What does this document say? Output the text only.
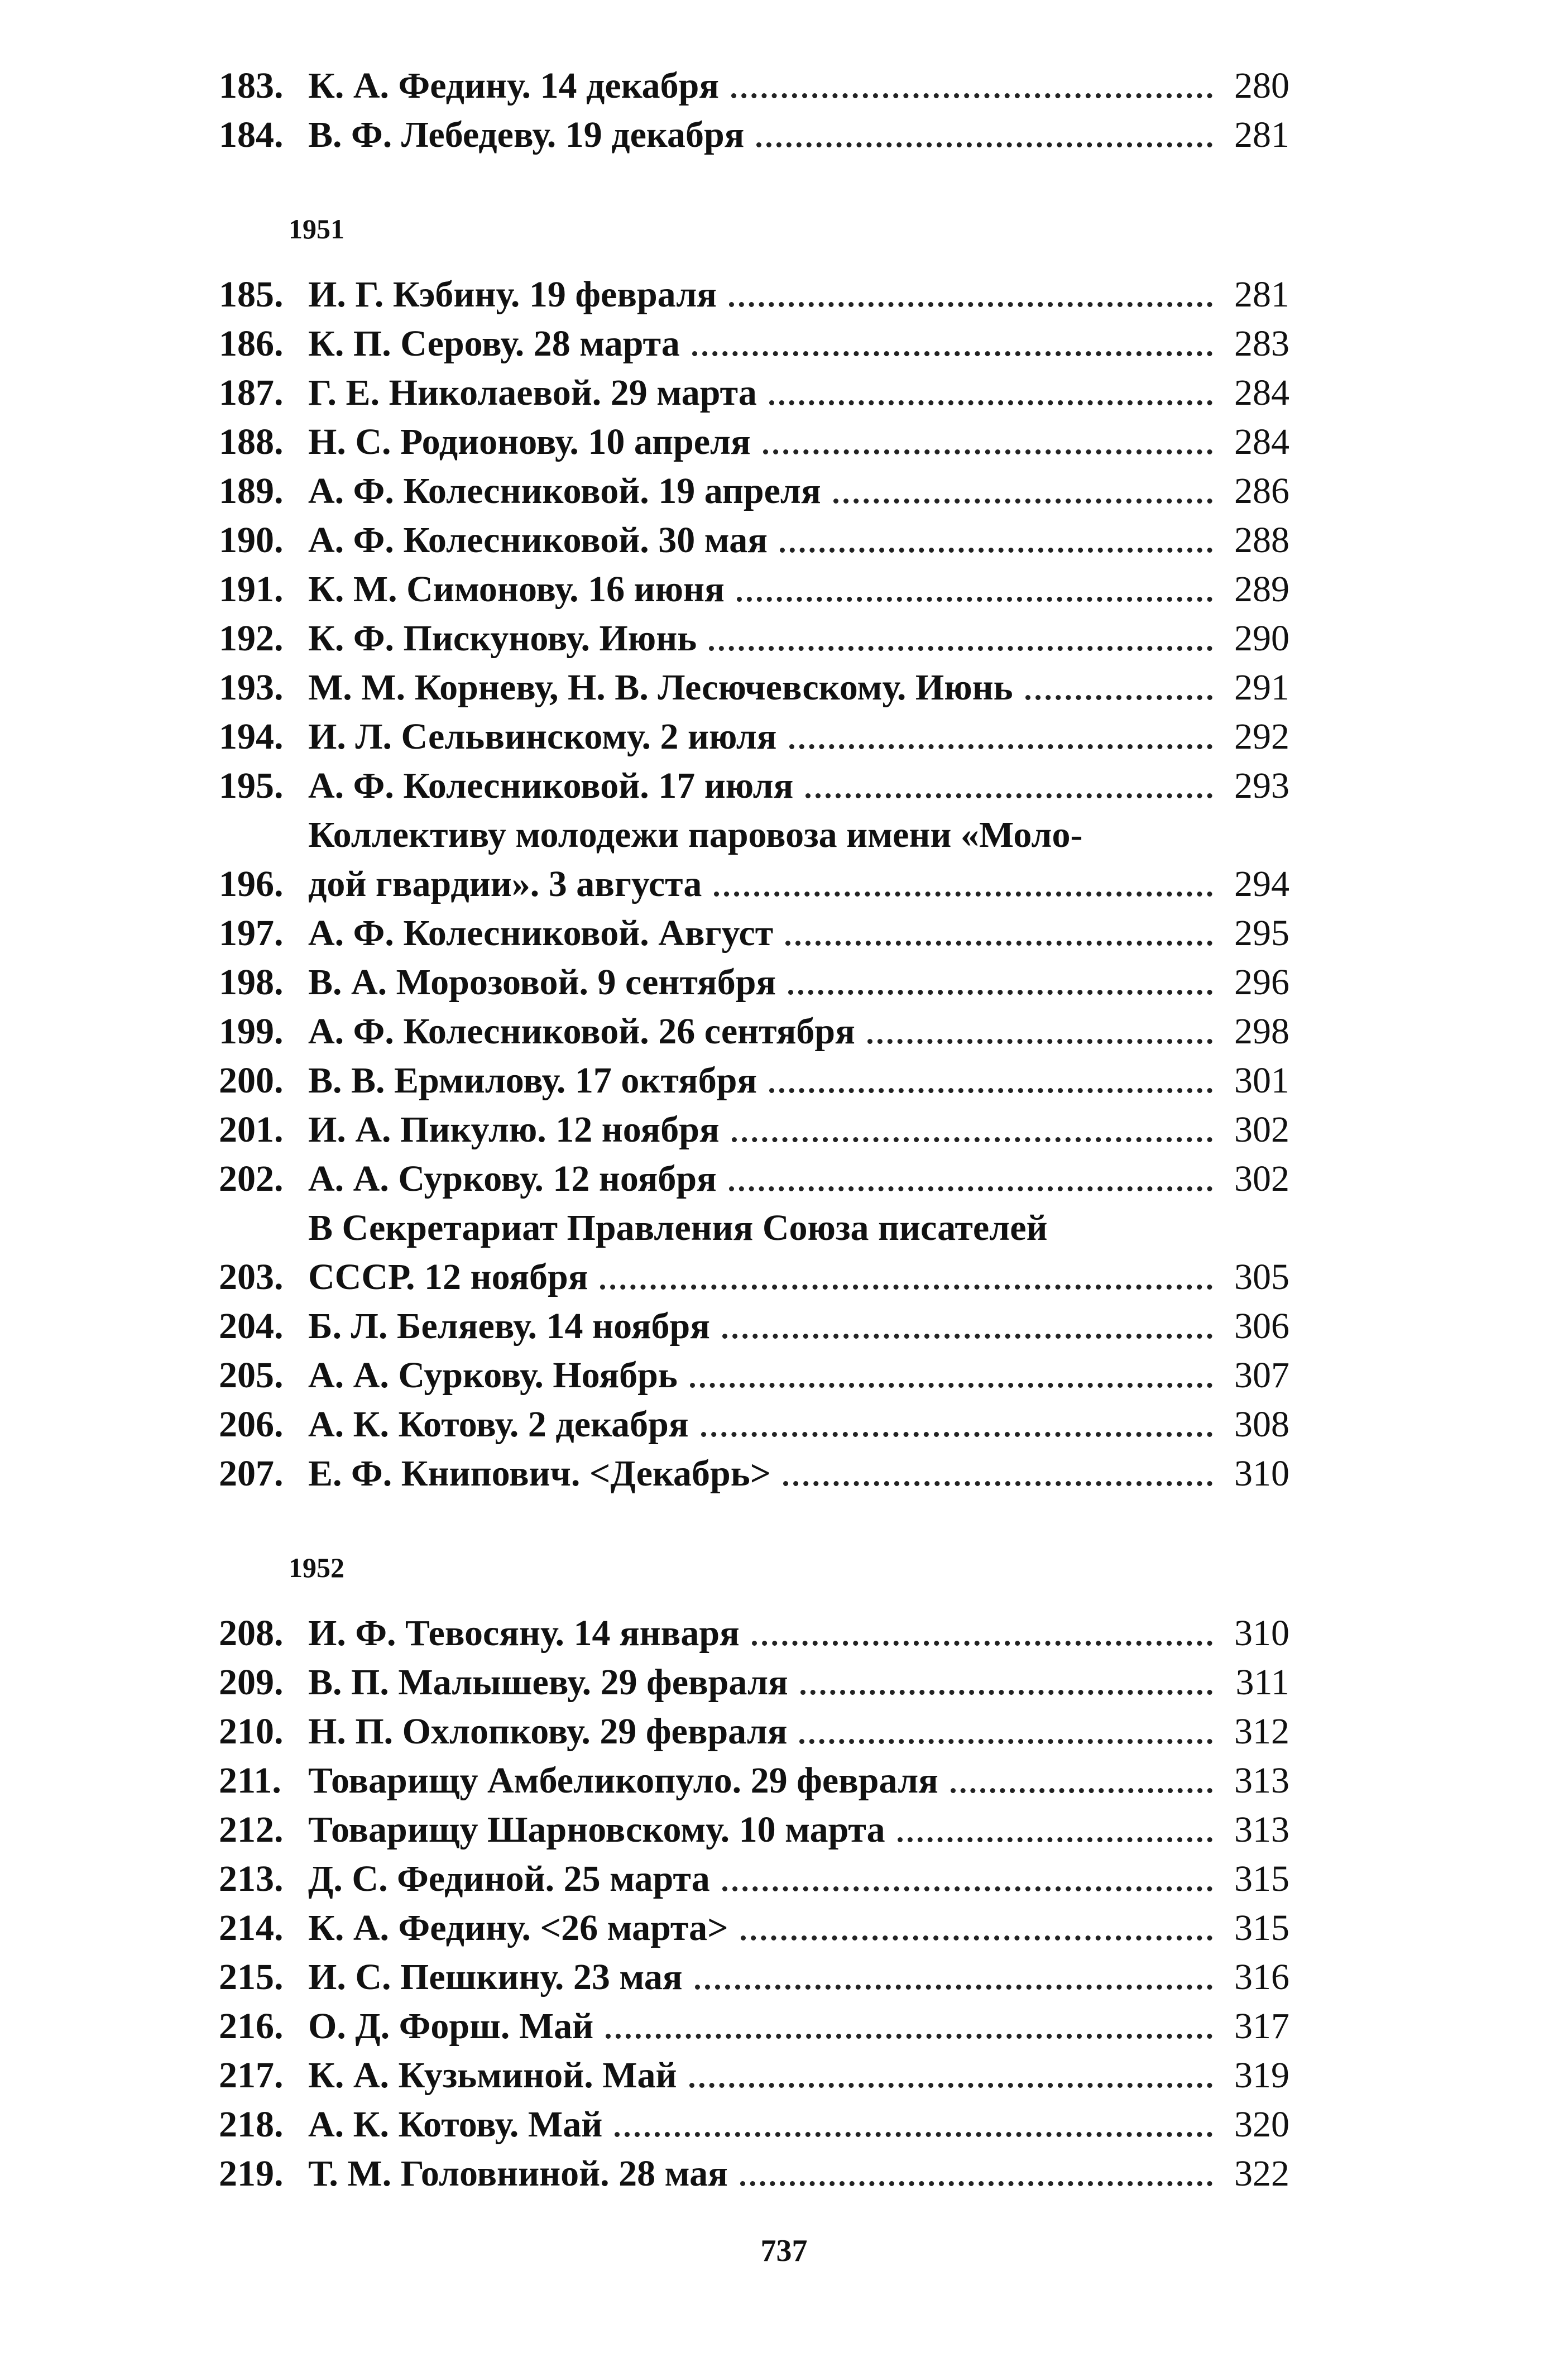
183. К. А. Федину. 14 декабря	280
184. В. Ф. Лебедеву. 19 декабря	281
1951
185. И. Г. Кэбину. 19 февраля	281
186. К. П. Серову. 28 марта	283
187. Г. Е. Николаевой. 29 марта	284
188. Н. С. Родионову. 10 апреля	284
189. А. Ф. Колесниковой. 19 апреля	286
190. А. Ф. Колесниковой. 30 мая	288
191. К. М. Симонову. 16 июня	289
192. К. Ф. Пискунову. Июнь	290
193. М. М. Корневу, Н. В. Лесючевскому. Июнь	291
194. И. Л. Сельвинскому. 2 июля	292
195. А. Ф. Колесниковой. 17 июля	293
196.
Коллективу молодежи паровоза имени «Моло-
дой гвардии». 3 августа	294
197. А. Ф. Колесниковой. Август	295
198. В. А. Морозовой. 9 сентября	296
199. А. Ф. Колесниковой. 26 сентября	298
200. В. В. Ермилову. 17 октября	301
201. И. А. Пикулю. 12 ноября	302
202. А. А. Суркову. 12 ноября	302
203.
В Секретариат Правления Союза писателей
СССР. 12 ноября	305
204. Б. Л. Беляеву. 14 ноября	306
205. А. А. Суркову. Ноябрь	307
206. А. К. Котову. 2 декабря	308
207. Е. Ф. Книпович. <Декабрь>	310
1952
208. И. Ф. Тевосяну. 14 января	310
209. В. П. Малышеву. 29 февраля	311
210. Н. П. Охлопкову. 29 февраля	312
211. Товарищу Амбеликопуло. 29 февраля	313
212. Товарищу Шарновскому. 10 марта	313
213. Д. С. Фединой. 25 марта	315
214. К. А. Федину. <26 марта>	315
215. И. С. Пешкину. 23 мая	316
216. О. Д. Форш. Май	317
217. К. А. Кузьминой. Май	319
218. А. К. Котову. Май	320
219. Т. М. Головниной. 28 мая	322
737
